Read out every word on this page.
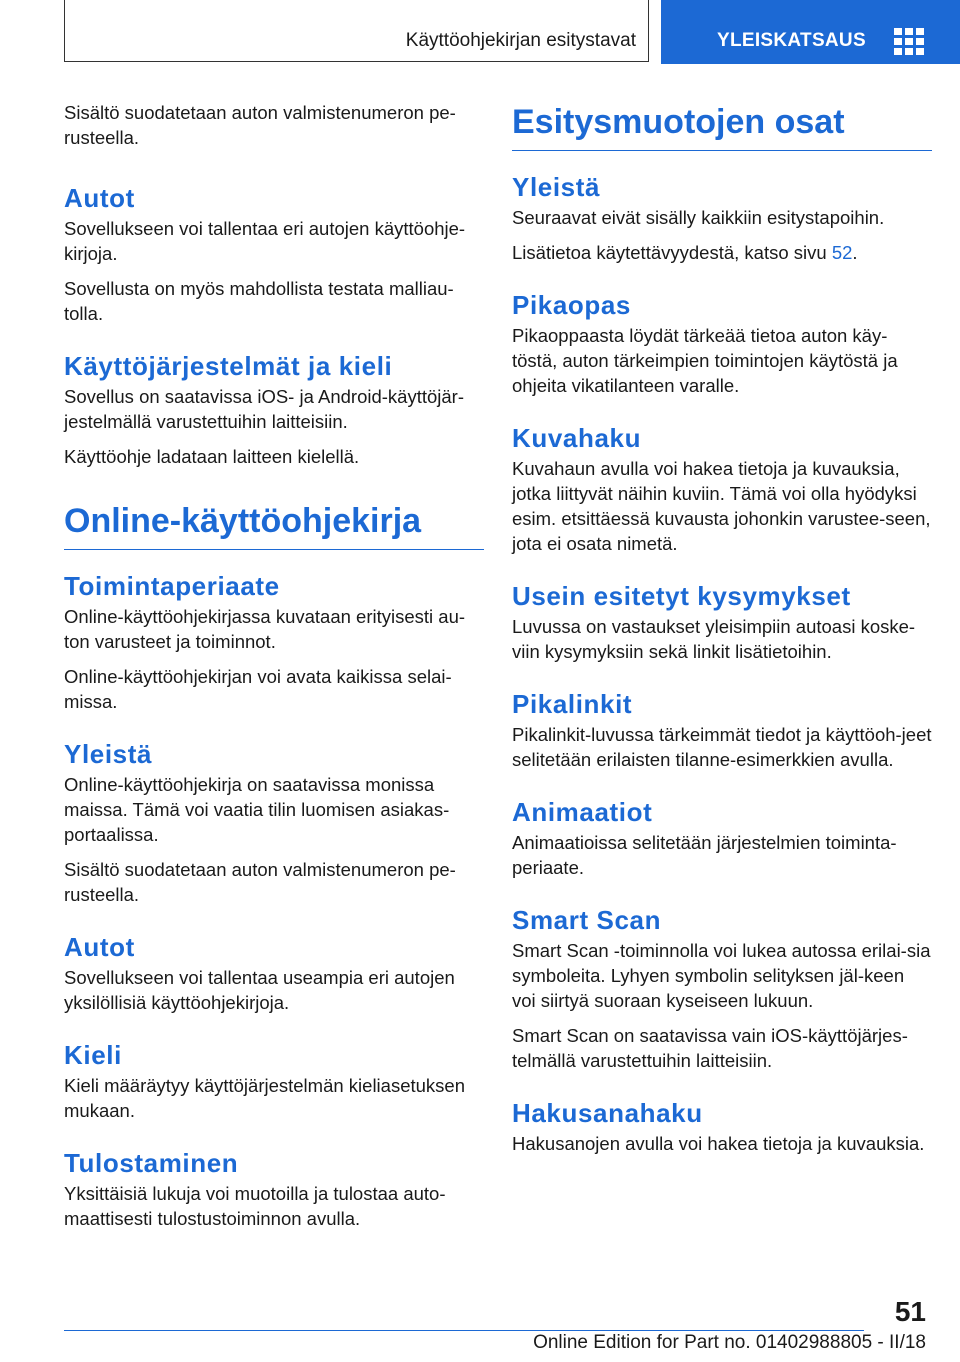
Käyttöohjekirjan esitystavat	YLEISKATSAUS

Sisältö suodatetaan auton valmistenumeron pe-rusteella.

Autot

Sovellukseen voi tallentaa eri autojen käyttöohje-kirjoja.

Sovellusta on myös mahdollista testata malliau-tolla.

Käyttöjärjestelmät ja kieli

Sovellus on saatavissa iOS- ja Android-käyttöjär-jestelmällä varustettuihin laitteisiin.

Käyttöohje ladataan laitteen kielellä.

Online-käyttöohjekirja
Toimintaperiaate

Online-käyttöohjekirjassa kuvataan erityisesti au-ton varusteet ja toiminnot.

Online-käyttöohjekirjan voi avata kaikissa selai-missa.

Yleistä

Online-käyttöohjekirja on saatavissa monissa maissa. Tämä voi vaatia tilin luomisen asiakas-portaalissa.

Sisältö suodatetaan auton valmistenumeron pe-rusteella.

Autot

Sovellukseen voi tallentaa useampia eri autojen yksilöllisiä käyttöohjekirjoja.

Kieli

Kieli määräytyy käyttöjärjestelmän kieliasetuksen mukaan.

Tulostaminen

Yksittäisiä lukuja voi muotoilla ja tulostaa auto-maattisesti tulostustoiminnon avulla.

Esitysmuotojen osat
Yleistä

Seuraavat eivät sisälly kaikkiin esitystapoihin.

Lisätietoa käytettävyydestä, katso sivu 52.

Pikaopas

Pikaoppaasta löydät tärkeää tietoa auton käy-töstä, auton tärkeimpien toimintojen käytöstä ja ohjeita vikatilanteen varalle.

Kuvahaku

Kuvahaun avulla voi hakea tietoja ja kuvauksia, jotka liittyvät näihin kuviin. Tämä voi olla hyödyksi esim. etsittäessä kuvausta johonkin varustee-seen, jota ei osata nimetä.

Usein esitetyt kysymykset

Luvussa on vastaukset yleisimpiin autoasi koske-viin kysymyksiin sekä linkit lisätietoihin.

Pikalinkit

Pikalinkit-luvussa tärkeimmät tiedot ja käyttöoh-jeet selitetään erilaisten tilanne-esimerkkien avulla.

Animaatiot

Animaatioissa selitetään järjestelmien toiminta-periaate.

Smart Scan

Smart Scan -toiminnolla voi lukea autossa erilai-sia symboleita. Lyhyen symbolin selityksen jäl-keen voi siirtyä suoraan kyseiseen lukuun.

Smart Scan on saatavissa vain iOS-käyttöjärjes-telmällä varustettuihin laitteisiin.

Hakusanahaku

Hakusanojen avulla voi hakea tietoja ja kuvauksia.

51
Online Edition for Part no. 01402988805 - II/18
